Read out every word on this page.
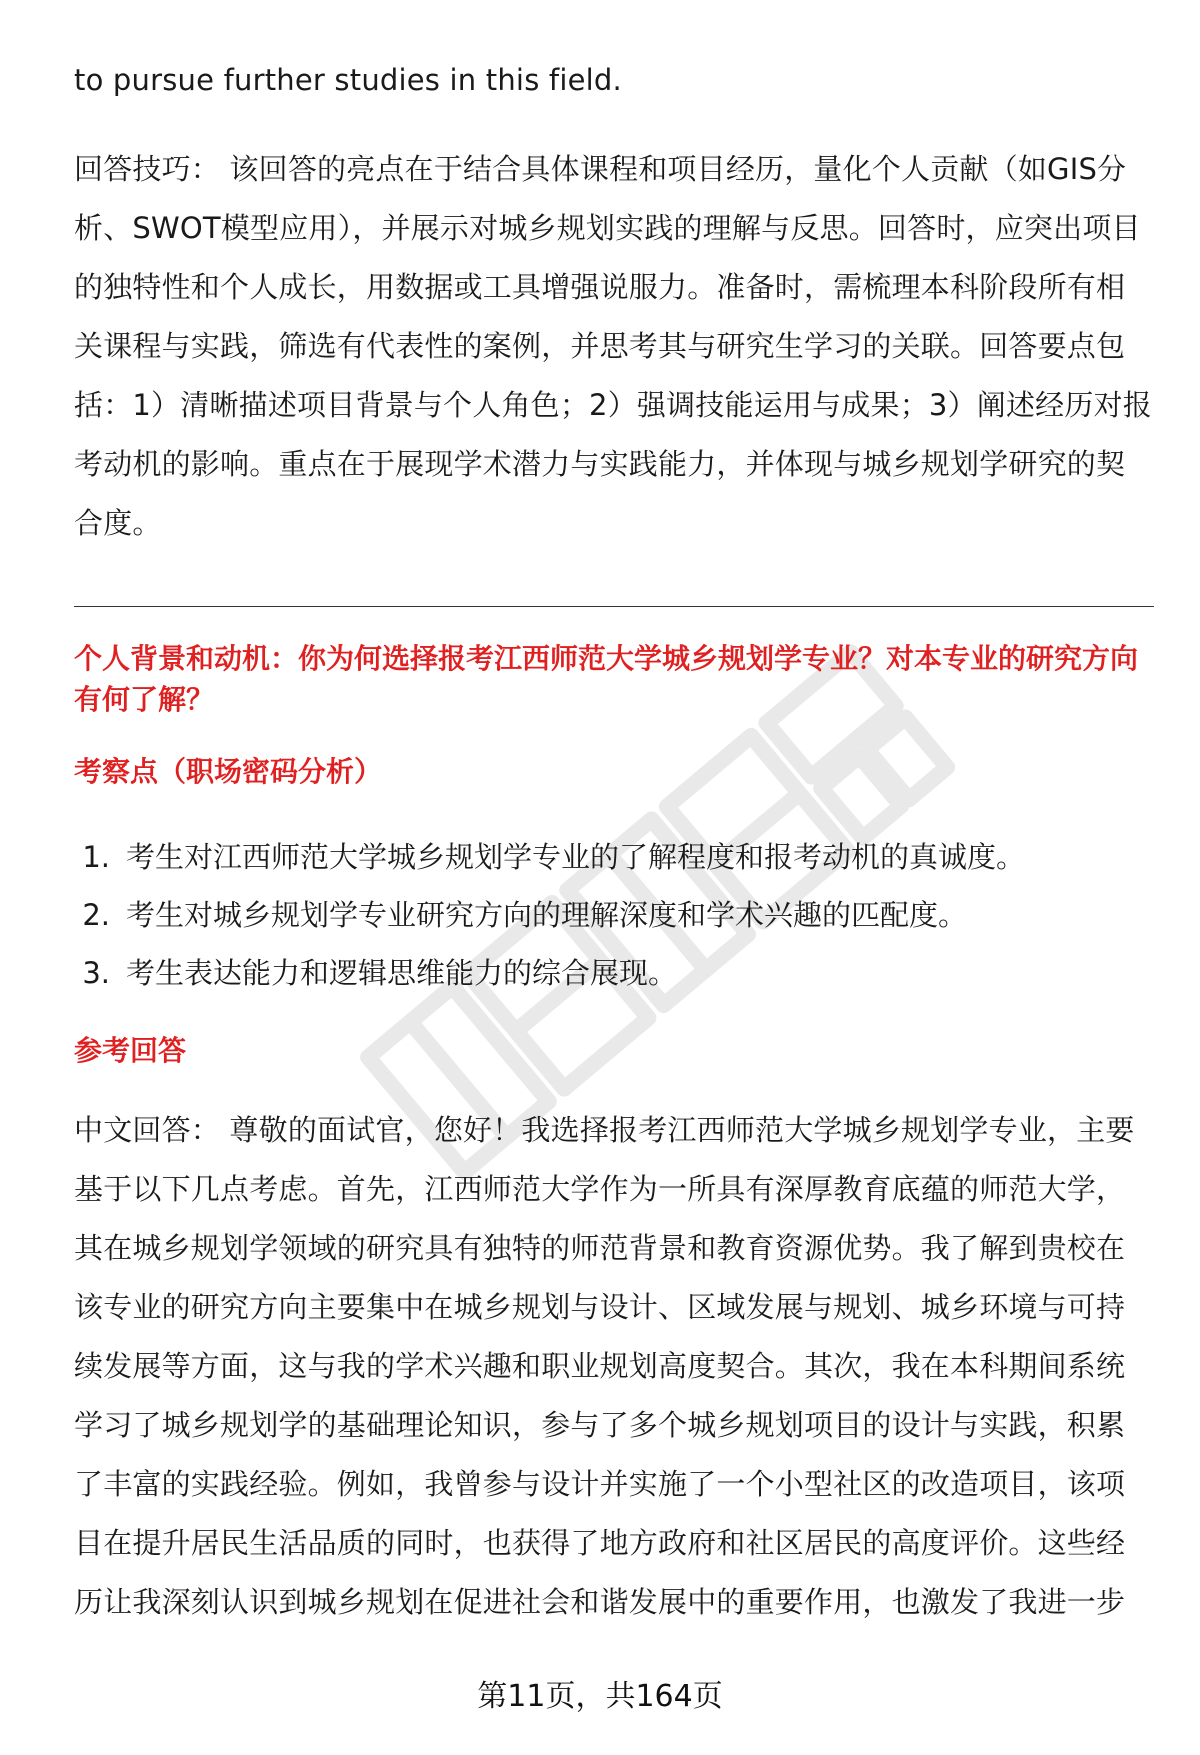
to pursue further studies in this field.

回答技巧： 该回答的亮点在于结合具体课程和项目经历，量化个人贡献（如GIS分析、SWOT模型应用），并展示对城乡规划实践的理解与反思。回答时，应突出项目的独特性和个人成长，用数据或工具增强说服力。准备时，需梳理本科阶段所有相关课程与实践，筛选有代表性的案例，并思考其与研究生学习的关联。回答要点包括：1）清晰描述项目背景与个人角色；2）强调技能运用与成果；3）阐述经历对报考动机的影响。重点在于展现学术潜力与实践能力，并体现与城乡规划学研究的契合度。

个人背景和动机：你为何选择报考江西师范大学城乡规划学专业？对本专业的研究方向有何了解？

考察点（职场密码分析）

1. 考生对江西师范大学城乡规划学专业的了解程度和报考动机的真诚度。
2. 考生对城乡规划学专业研究方向的理解深度和学术兴趣的匹配度。
3. 考生表达能力和逻辑思维能力的综合展现。

参考回答

中文回答： 尊敬的面试官，您好！我选择报考江西师范大学城乡规划学专业，主要基于以下几点考虑。首先，江西师范大学作为一所具有深厚教育底蕴的师范大学，其在城乡规划学领域的研究具有独特的师范背景和教育资源优势。我了解到贵校在该专业的研究方向主要集中在城乡规划与设计、区域发展与规划、城乡环境与可持续发展等方面，这与我的学术兴趣和职业规划高度契合。其次，我在本科期间系统学习了城乡规划学的基础理论知识，参与了多个城乡规划项目的设计与实践，积累了丰富的实践经验。例如，我曾参与设计并实施了一个小型社区的改造项目，该项目在提升居民生活品质的同时，也获得了地方政府和社区居民的高度评价。这些经历让我深刻认识到城乡规划在促进社会和谐发展中的重要作用，也激发了我进一步

第11页，共164页
